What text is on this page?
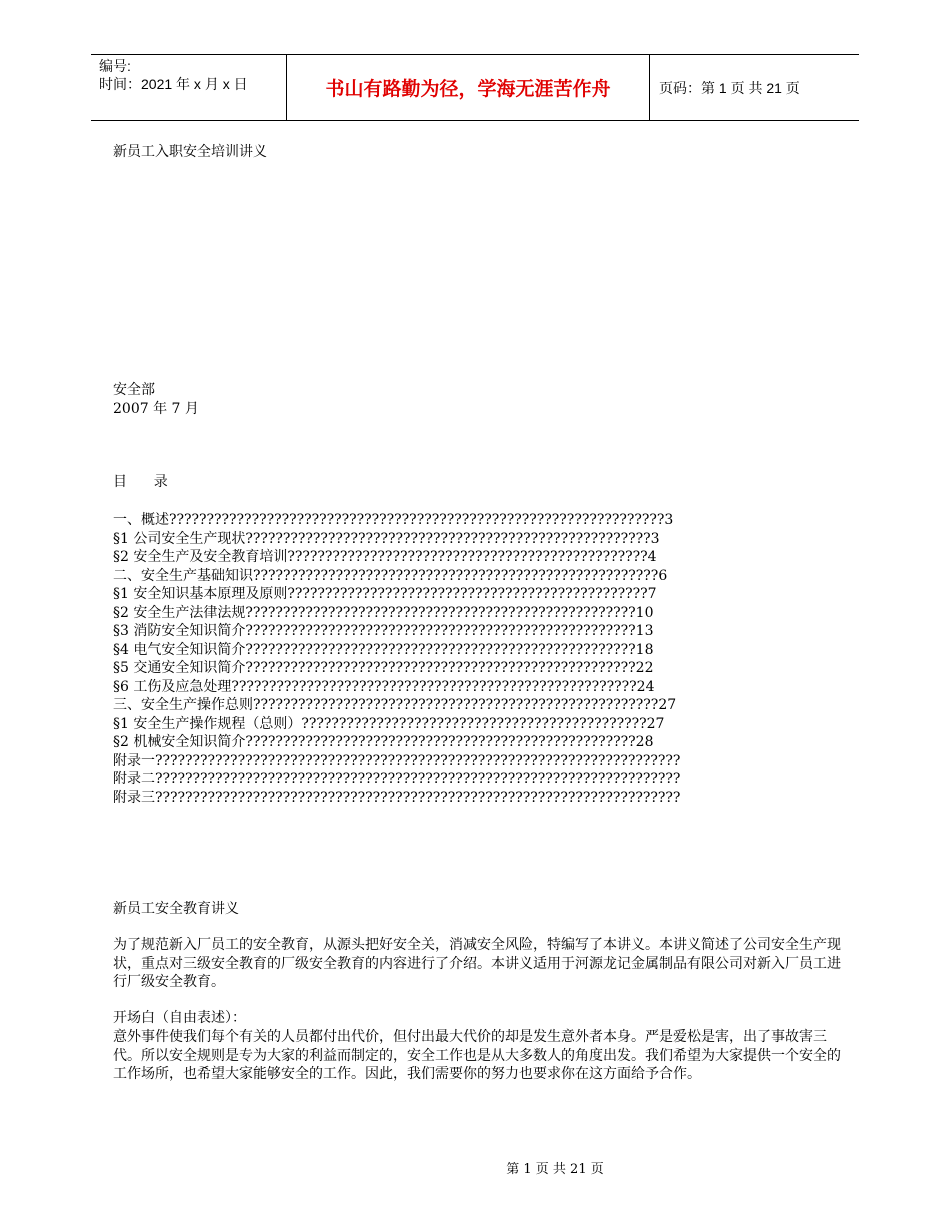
编号:
时间：2021 年 x 月 x 日	书山有路勤为径，学海无涯苦作舟	页码：第 1 页 共 21 页
新员工入职安全培训讲义
安全部
2007 年 7 月
目      录
一、概述??????????????????????????????????????????????????????????????????3
§1 公司安全生产现状??????????????????????????????????????????????????????3
§2 安全生产及安全教育培训????????????????????????????????????????????????4
二、安全生产基础知识??????????????????????????????????????????????????????6
§1 安全知识基本原理及原则????????????????????????????????????????????????7
§2 安全生产法律法规????????????????????????????????????????????????????10
§3 消防安全知识简介????????????????????????????????????????????????????13
§4 电气安全知识简介????????????????????????????????????????????????????18
§5 交通安全知识简介????????????????????????????????????????????????????22
§6 工伤及应急处理??????????????????????????????????????????????????????24
三、安全生产操作总则??????????????????????????????????????????????????????27
§1 安全生产操作规程（总则）??????????????????????????????????????????????27
§2 机械安全知识简介????????????????????????????????????????????????????28
附录一??????????????????????????????????????????????????????????????????????
附录二??????????????????????????????????????????????????????????????????????
附录三??????????????????????????????????????????????????????????????????????
新员工安全教育讲义
为了规范新入厂员工的安全教育，从源头把好安全关，消减安全风险，特编写了本讲义。本讲义简述了公司安全生产现状，重点对三级安全教育的厂级安全教育的内容进行了介绍。本讲义适用于河源龙记金属制品有限公司对新入厂员工进行厂级安全教育。
开场白（自由表述）：
意外事件使我们每个有关的人员都付出代价，但付出最大代价的却是发生意外者本身。严是爱松是害，出了事故害三代。所以安全规则是专为大家的利益而制定的，安全工作也是从大多数人的角度出发。我们希望为大家提供一个安全的工作场所，也希望大家能够安全的工作。因此，我们需要你的努力也要求你在这方面给予合作。
第 1 页 共 21 页
